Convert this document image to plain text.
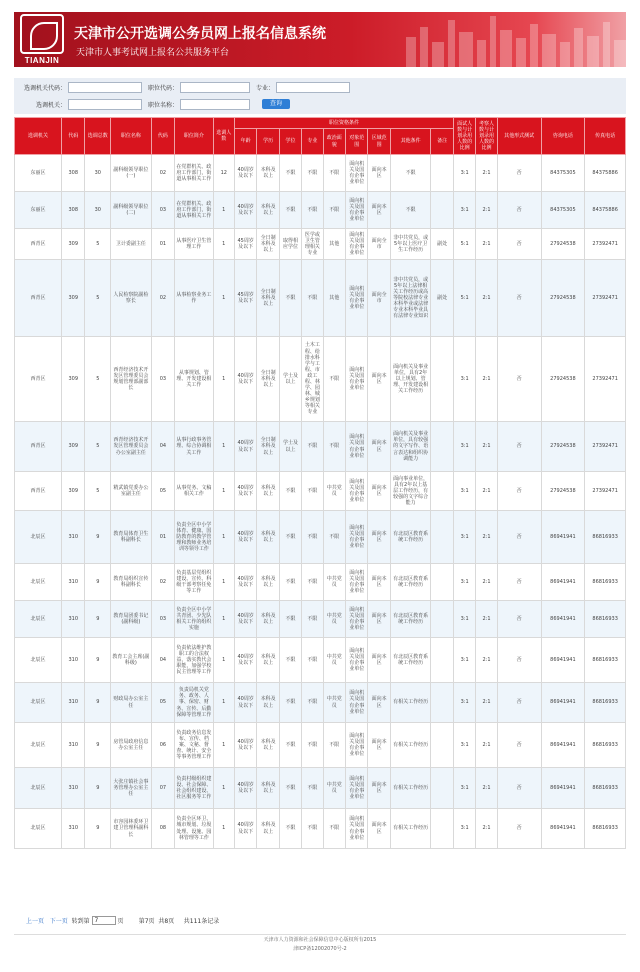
TIANJIN
天津市公开选调公务员网上报名信息系统
天津市人事考试网上报名公共服务平台
选调机关代码：	职位代码：	专业：
选调机关：	职位名称：	查询
选调机关	代码	选调总数	职位名称	代码	职位简介	选调人数	职位资格条件									面试人数与计划录用人数的比例	考察人数与计划录用人数的比例	其他形式测试	咨询电话	传真电话
							年龄	学历	学位	专业	政治面貌	对象范围	区域范围	其他条件	备注					
东丽区	308	30	副科级领导职位(一)	02	在党群机关、政府工作部门，街道从事相关工作	12	40周岁及以下	本科及以上	不限	不限	不限	面向机关及国有企事业单位	面向本区	不限		3:1	2:1	否	84375305	84375886
东丽区	308	30	副科级领导职位(二)	03	在党群机关、政府工作部门，街道从事相关工作	1	40周岁及以下	本科及以上	不限	不限	不限	面向机关及国有企事业单位	面向本区	不限		3:1	2:1	否	84375305	84375886
西青区	309	5	卫计委副主任	01	从事医疗卫生管理工作	1	45周岁及以下	全日制本科及以上	取得相应学位	医学或卫生管理相关专业	其他	面向机关及国有企事业单位	面向全市	非中共党员，或5年以上医疗卫生工作经历	副处	5:1	2:1	否	27924538	27392471
西青区	309	5	人民检察院副检察长	02	从事检察业务工作	1	45周岁及以下	全日制本科及以上	不限	不限	其他	面向机关及国有企事业单位	面向全市	非中共党员，或5年以上法律相关工作经历或高等院校法律专业本科毕业或法律专业本科毕业具有法律专业知识	副处	5:1	2:1	否	27924538	27392471
西青区	309	5	西青经济技术开发区管理委员会规划管理部副部长	03	从事规划、管理、开发建设相关工作	1	40周岁及以下	全日制本科及以上	学士及以上	土木工程、给排水科学与工程、市政工程、林学、园林、城乡规划等相关专业	不限	面向机关及国有企事业单位	面向本区	面向机关及事业单位，具有2年以上规划、管理、开发建设相关工作经历		3:1	2:1	否	27924538	27392471
西青区	309	5	西青经济技术开发区管理委员会办公室副主任	04	从事行政事务管理、综合协调相关工作	1	40周岁及以下	全日制本科及以上	学士及以上	不限	不限	面向机关及国有企事业单位	面向本区	面向机关及事业单位，具有较强的文字写作、语言表达和组织协调能力		3:1	2:1	否	27924538	27392471
西青区	309	5	精武镇党委办公室副主任	05	从事党务、文稿相关工作	1	40周岁及以下	本科及以上	不限	不限	中共党员	面向机关及国有企事业单位	面向本区	面向事业单位，具有2年以上基层工作经历，有较强的文字综合能力		3:1	2:1	否	27924538	27392471
北辰区	310	9	教育局体育卫生科副科长	01	负责全区中小学体育、健康、国防教育的教学管理和教师业务培训等领导工作	1	40周岁及以下	本科及以上	不限	不限	不限	面向机关及国有企事业单位	面向本区	有北辰区教育系统工作经历		3:1	2:1	否	86941941	86816933
北辰区	310	9	教育局组织宣传科副科长	02	负责基层党组织建设、宣传、科级干部考察任免等工作	1	40周岁及以下	本科及以上	不限	不限	中共党员	面向机关及国有企事业单位	面向本区	有北辰区教育系统工作经历		3:1	2:1	否	86941941	86816933
北辰区	310	9	教育局团委书记(副科级)	03	负责全区中小学共青团、少先队相关工作的组织实施	1	40周岁及以下	本科及以上	不限	不限	中共党员	面向机关及国有企事业单位	面向本区	有北辰区教育系统工作经历		3:1	2:1	否	86941941	86816933
北辰区	310	9	教育工会主席(副科级)	04	负责依法维护教职工的合法权益，落实教代会职能，加强学校民主管理等工作	1	40周岁及以下	本科及以上	不限	不限	中共党员	面向机关及国有企事业单位	面向本区	有北辰区教育系统工作经历		3:1	2:1	否	86941941	86816933
北辰区	310	9	财政局办公室主任	05	负责局机关党务、政务、人事、保密、财务、宣传、后勤保障等管理工作	1	40周岁及以下	本科及以上	不限	不限	中共党员	面向机关及国有企事业单位	面向本区	有相关工作经历		3:1	2:1	否	86941941	86816933
北辰区	310	9	房管局政府信息办公室主任	06	负责政务信息发布、宣传、档案、文秘、督查、统计、安全等事务管理工作	1	40周岁及以下	本科及以上	不限	不限	不限	面向机关及国有企事业单位	面向本区	有相关工作经历		3:1	2:1	否	86941941	86816933
北辰区	310	9	大张庄镇社会事务管理办公室主任	07	负责村级组织建设、社会保障、社会组织建设、社区服务等工作	1	40周岁及以下	本科及以上	不限	不限	中共党员	面向机关及国有企事业单位	面向本区	有相关工作经历		3:1	2:1	否	86941941	86816933
北辰区	310	9	市容园林委环卫建卫管理科副科长	08	负责全区环卫、城市规划、垃圾处理、设施、园林管理等工作	1	40周岁及以下	本科及以上	不限	不限	不限	面向机关及国有企事业单位	面向本区	有相关工作经历		3:1	2:1	否	86941941	86816933
上一页 下一页 转到第 7	页	第7页 共8页 共111条记录
天津市人力资源和社会保障信息中心版权所有2015
津ICP备12002070号-2
